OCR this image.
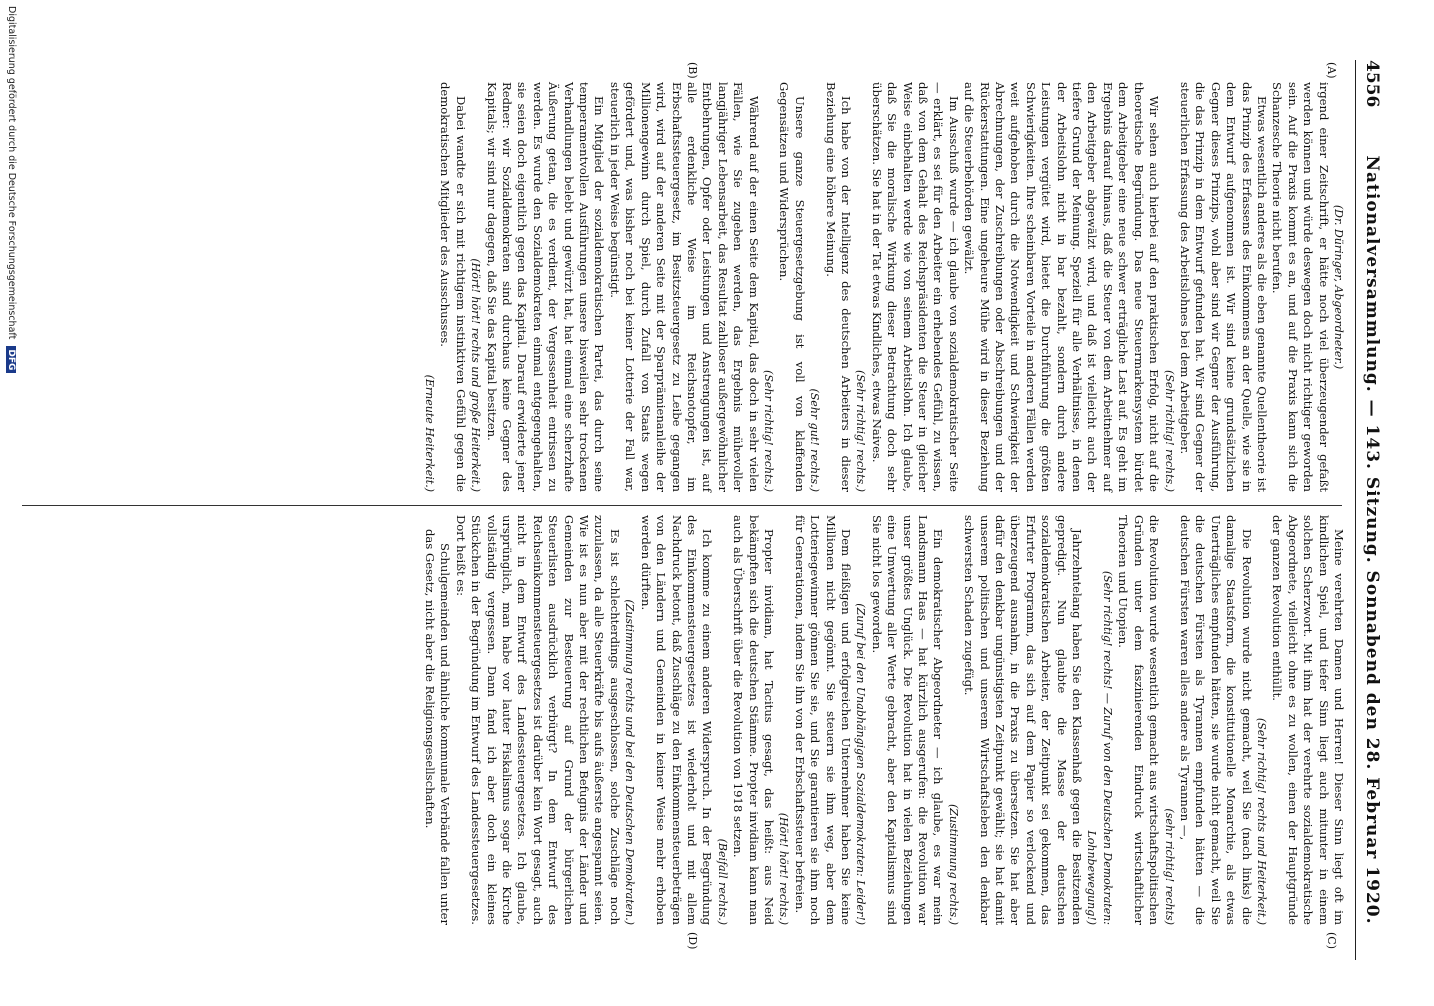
4556
Nationalversammlung. — 143. Sitzung. Sonnabend den 28. Februar 1920.
(A)
(B)
(C)
(D)

(Dr. Düringer, Abgeordneter.)

irgend einer Zeitschrift, er hätte noch viel überzeugender gefaßt werden können und würde deswegen doch nicht richtiger geworden sein. Auf die Praxis kommt es an, und auf die Praxis kann sich die Schanzesche Theorie nicht berufen.

Etwas wesentlich anderes als die eben genannte Quellentheorie ist das Prinzip des Erfassens des Einkommens an der Quelle, wie sie in dem Entwurf aufgenommen ist. Wir sind keine grundsätzlichen Gegner dieses Prinzips, wohl aber sind wir Gegner der Ausführung, die das Prinzip in dem Entwurf gefunden hat. Wir sind Gegner der steuerlichen Erfassung des Arbeitslohnes bei dem Arbeitgeber.

(Sehr richtig! rechts.)

Wir sehen auch hierbei auf den praktischen Erfolg, nicht auf die theoretische Begründung. Das neue Steuermarkensystem bürdet dem Arbeitgeber eine neue schwer erträgliche Last auf. Es geht im Ergebnis darauf hinaus, daß die Steuer von dem Arbeitnehmer auf den Arbeitgeber abgewälzt wird, und daß ist vielleicht auch der tiefere Grund der Meinung. Speziell für alle Verhältnisse, in denen der Arbeitslohn nicht in bar bezahlt, sondern durch andere Leistungen vergütet wird, bietet die Durchführung die größten Schwierigkeiten. Ihre scheinbaren Vorteile in anderen Fällen werden weit aufgehoben durch die Notwendigkeit und Schwierigkeit der Abrechnungen, der Zuschreibungen oder Abschreibungen und der Rückerstattungen. Eine ungeheure Mühe wird in dieser Beziehung auf die Steuerbehörden gewälzt.

Im Ausschuß wurde — ich glaube von sozialdemokratischer Seite — erklärt, es sei für den Arbeiter ein erhebendes Gefühl, zu wissen, daß von dem Gehalt des Reichspräsidenten die Steuer in gleicher Weise einbehalten werde wie von seinem Arbeitslohn. Ich glaube, daß Sie die moralische Wirkung dieser Betrachtung doch sehr überschätzen. Sie hat in der Tat etwas Kindliches, etwas Naives.

(Sehr richtig! rechts.)

Ich habe von der Intelligenz des deutschen Arbeiters in dieser Beziehung eine höhere Meinung.

(Sehr gut! rechts.)

Unsere ganze Steuergesetzgebung ist voll von klaffenden Gegensätzen und Widersprüchen.

(Sehr richtig! rechts.)

Während auf der einen Seite dem Kapital, das doch in sehr vielen Fällen, wie Sie zugeben werden, das Ergebnis mühevoller langjähriger Lebensarbeit, das Resultat zahlloser außergewöhnlicher Entbehrungen, Opfer oder Leistungen und Anstrengungen ist, auf alle erdenkliche Weise im Reichsnotopfer, im Erbschaftssteuergesetz, im Besitzsteuergesetz zu Leibe gegangen wird, wird auf der anderen Seite mit der Sparprämienanleihe der Millionengewinn durch Spiel, durch Zufall von Staats wegen gefördert und, was bisher noch bei keiner Lotterie der Fall war, steuerlich in jeder Weise begünstigt.

Ein Mitglied der sozialdemokratischen Partei, das durch seine temperamentvollen Ausführungen unsere bisweilen sehr trockenen Verhandlungen belebt und gewürzt hat, hat einmal eine scherzhafte Äußerung getan, die es verdient, der Vergessenheit entrissen zu werden. Es wurde den Sozialdemokraten einmal entgegengehalten, sie seien doch eigentlich gegen das Kapital. Darauf erwiderte jener Redner: wir Sozialdemokraten sind durchaus keine Gegner des Kapitals; wir sind nur dagegen, daß Sie das Kapital besitzen.

(Hört! hört! rechts und große Heiterkeit.)

Dabei wandte er sich mit richtigem instinktiven Gefühl gegen die demokratischen Mitglieder des Ausschusses.

(Erneute Heiterkeit.)

Meine verehrten Damen und Herren! Dieser Sinn liegt oft im kindlichen Spiel, und tiefer Sinn liegt auch mitunter in einem solchen Scherzwort. Mit ihm hat der verehrte sozialdemokratische Abgeordnete, vielleicht ohne es zu wollen, einen der Hauptgründe der ganzen Revolution enthüllt.

(Sehr richtig! rechts und Heiterkeit.)

Die Revolution wurde nicht gemacht, weil Sie (nach links) die damalige Staatsform, die konstitutionelle Monarchie, als etwas Unerträgliches empfunden hätten, sie wurde nicht gemacht, weil Sie die deutschen Fürsten als Tyrannen empfunden hätten — die deutschen Fürsten waren alles andere als Tyrannen —,

(sehr richtig! rechts)

die Revolution wurde wesentlich gemacht aus wirtschaftspolitischen Gründen unter dem faszinierenden Eindruck wirtschaftlicher Theorien und Utopien.

(Sehr richtig! rechts! — Zuruf von den Deutschen Demokraten: Lohnbewegung!)

Jahrzehntelang haben Sie den Klassenhaß gegen die Besitzenden gepredigt. Nun glaubte die Masse der deutschen sozialdemokratischen Arbeiter, der Zeitpunkt sei gekommen, das Erfurter Programm, das sich auf dem Papier so verlockend und überzeugend ausnahm, in die Praxis zu übersetzen. Sie hat aber dafür den denkbar ungünstigsten Zeitpunkt gewählt; sie hat damit unserem politischen und unserem Wirtschaftsleben den denkbar schwersten Schaden zugefügt.

(Zustimmung rechts.)

Ein demokratischer Abgeordneter — ich glaube, es war mein Landsmann Haas — hat kürzlich ausgerufen: die Revolution war unser größtes Unglück. Die Revolution hat in vielen Beziehungen eine Umwertung aller Werte gebracht, aber den Kapitalismus sind Sie nicht los geworden.

(Zuruf bei den Unabhängigen Sozialdemokraten: Leider!)

Dem fleißigen und erfolgreichen Unternehmer haben Sie keine Millionen nicht gegönnt. Sie steuern sie ihm weg, aber dem Lotteriegewinner gönnen Sie sie, und Sie garantieren sie ihm noch für Generationen, indem Sie ihn von der Erbschaftssteuer befreien.

(Hört! hört! rechts.)

Propter invidiam, hat Tacitus gesagt, das heißt: aus Neid bekämpften sich die deutschen Stämme. Propter invidiam kann man auch als Überschrift über die Revolution von 1918 setzen.

(Beifall rechts.)

Ich komme zu einem anderen Widerspruch. In der Begründung des Einkommensteuergesetzes ist wiederholt und mit allem Nachdruck betont, daß Zuschläge zu den Einkommensteuerbeträgen von den Ländern und Gemeinden in keiner Weise mehr erhoben werden dürften.

(Zustimmung rechts und bei den Deutschen Demokraten.)

Es ist schlechterdings ausgeschlossen, solche Zuschläge noch zuzulassen, da alle Steuerkräfte bis aufs äußerste angespannt seien. Wie ist es nun aber mit der rechtlichen Befugnis der Länder und Gemeinden zur Besteuerung auf Grund der bürgerlichen Steuerlisten ausdrücklich verbürgt? In dem Entwurf des Reichseinkommensteuergesetzes ist darüber kein Wort gesagt, auch nicht in dem Entwurf des Landessteuergesetzes. Ich glaube, ursprünglich, man habe vor lauter Fiskalismus sogar die Kirche vollständig vergessen. Dann fand ich aber doch ein kleines Stückchen in der Begründung im Entwurf des Landessteuergesetzes. Dort heißt es:

Schulgemeinden und ähnliche kommunale Verbände fallen unter das Gesetz, nicht aber die Religionsgesellschaften.

Digitalisierung gefördert durch die Deutsche Forschungsgemeinschaft DFG
